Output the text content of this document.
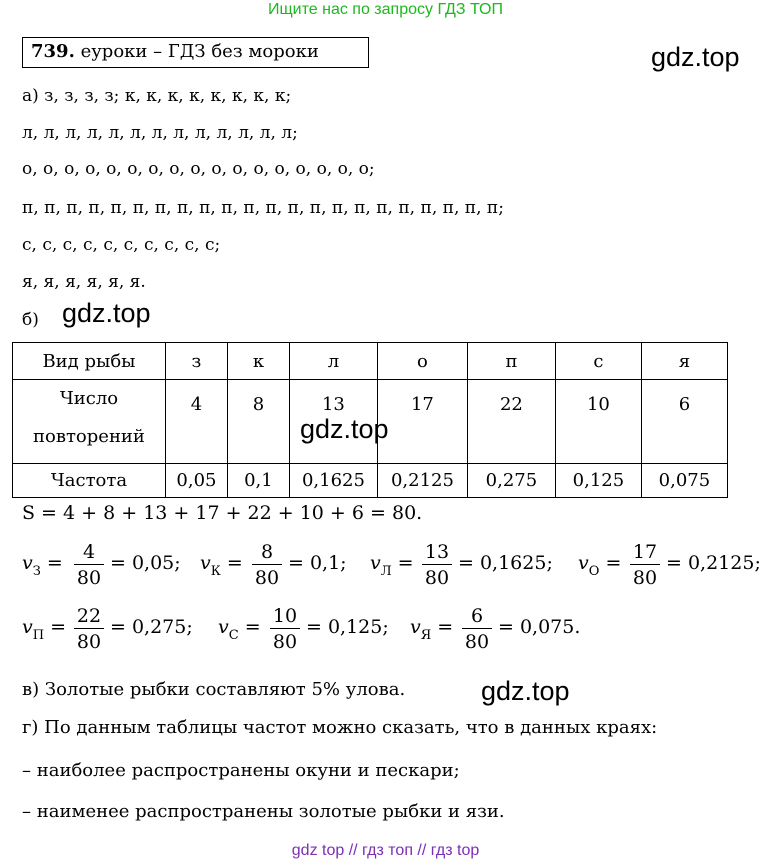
Ищите нас по запросу ГДЗ ТОП
739. еуроки – ГДЗ без мороки	gdz.top
а) з, з, з, з; к, к, к, к, к, к, к, к;
л, л, л, л, л, л, л, л, л, л, л, л, л;
о, о, о, о, о, о, о, о, о, о, о, о, о, о, о, о, о;
п, п, п, п, п, п, п, п, п, п, п, п, п, п, п, п, п, п, п, п, п, п;
с, с, с, с, с, с, с, с, с, с;
я, я, я, я, я, я.
б) gdz.top
Вид рыбы	з	к	л	о	п	с	я
Число повторений	4	8	13	17	22	10	6
Частота	0,05	0,1	0,1625	0,2125	0,275	0,125	0,075
gdz.top
S = 4 + 8 + 13 + 17 + 22 + 10 + 6 = 80.
$v_З$ =	4
80
= 0,05; $v_К = 8$
80
= 0,1; $v_Л = 13$
80
= 0,1625; $v_О = 17$
80
= 0,2125;
$v_П = 22$
80
= 0,275; $v_С = 10$
80
= 0,125; $v_Я = 6$
80
= 0,075.
в) Золотые рыбки составляют 5% улова.	gdz.top
г) По данным таблицы частот можно сказать, что в данных краях:
– наиболее распространены окуни и пескари;
– наименее распространены золотые рыбки и язи.
gdz top // гдз топ // гдз top
